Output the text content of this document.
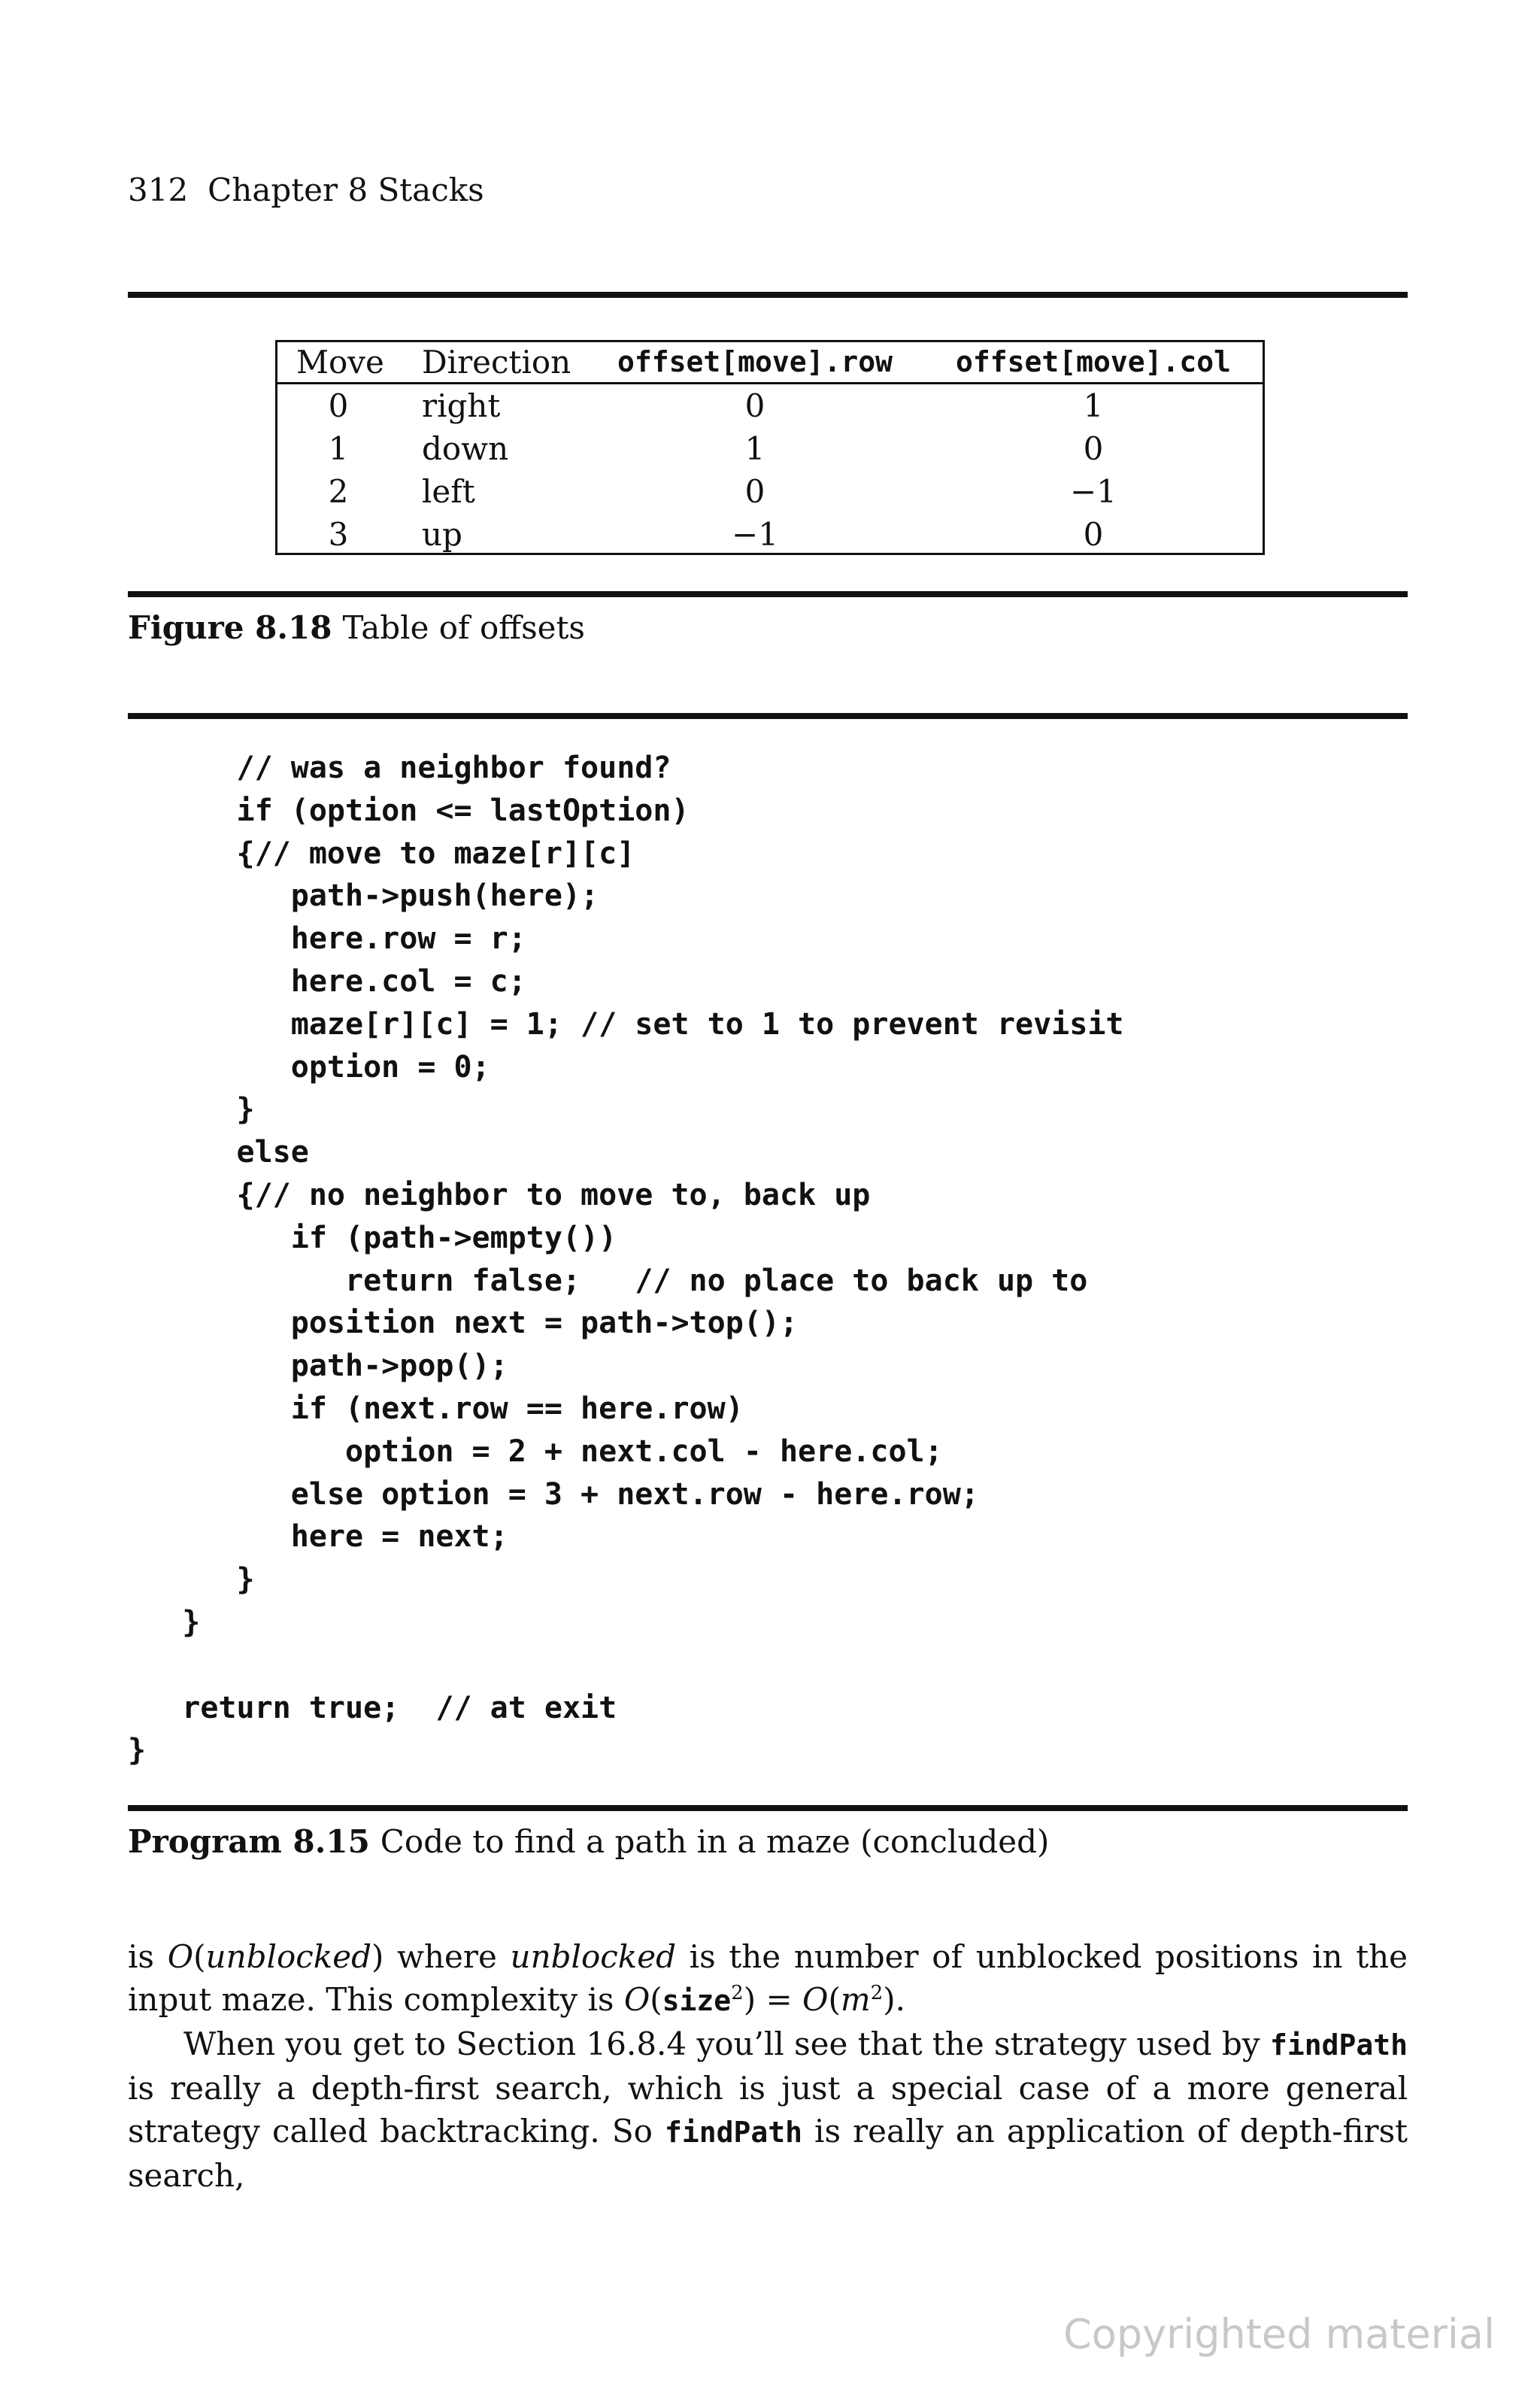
312 Chapter 8 Stacks
Move Direction	offset[move].row	offset[move].col
0	right	0	1
1	down	1	0
2	left	0	−1
3	up	−1	0
Figure 8.18 Table of offsets
// was a neighbor found?
if (option <= lastOption)
{// move to maze[r][c]
path->push(here);
here.row = r;
here.col = c;
maze[r][c] = 1; // set to 1 to prevent revisit
option = 0;
}
else
{// no neighbor to move to, back up
if (path->empty())
return false;   // no place to back up to
position next = path->top();
path->pop();
if (next.row == here.row)
option = 2 + next.col - here.col;
else option = 3 + next.row - here.row;
here = next;
}
}
return true;  // at exit
}
Program 8.15 Code to find a path in a maze (concluded)

is O(unblocked) where unblocked is the number of unblocked positions in the input maze. This complexity is O(size$^2$) = $O(m^2)$.

When you get to Section 16.8.4 you’ll see that the strategy used by findPath is really a depth-first search, which is just a special case of a more general strategy called backtracking. So findPath is really an application of depth-first search,

Copyrighted material
